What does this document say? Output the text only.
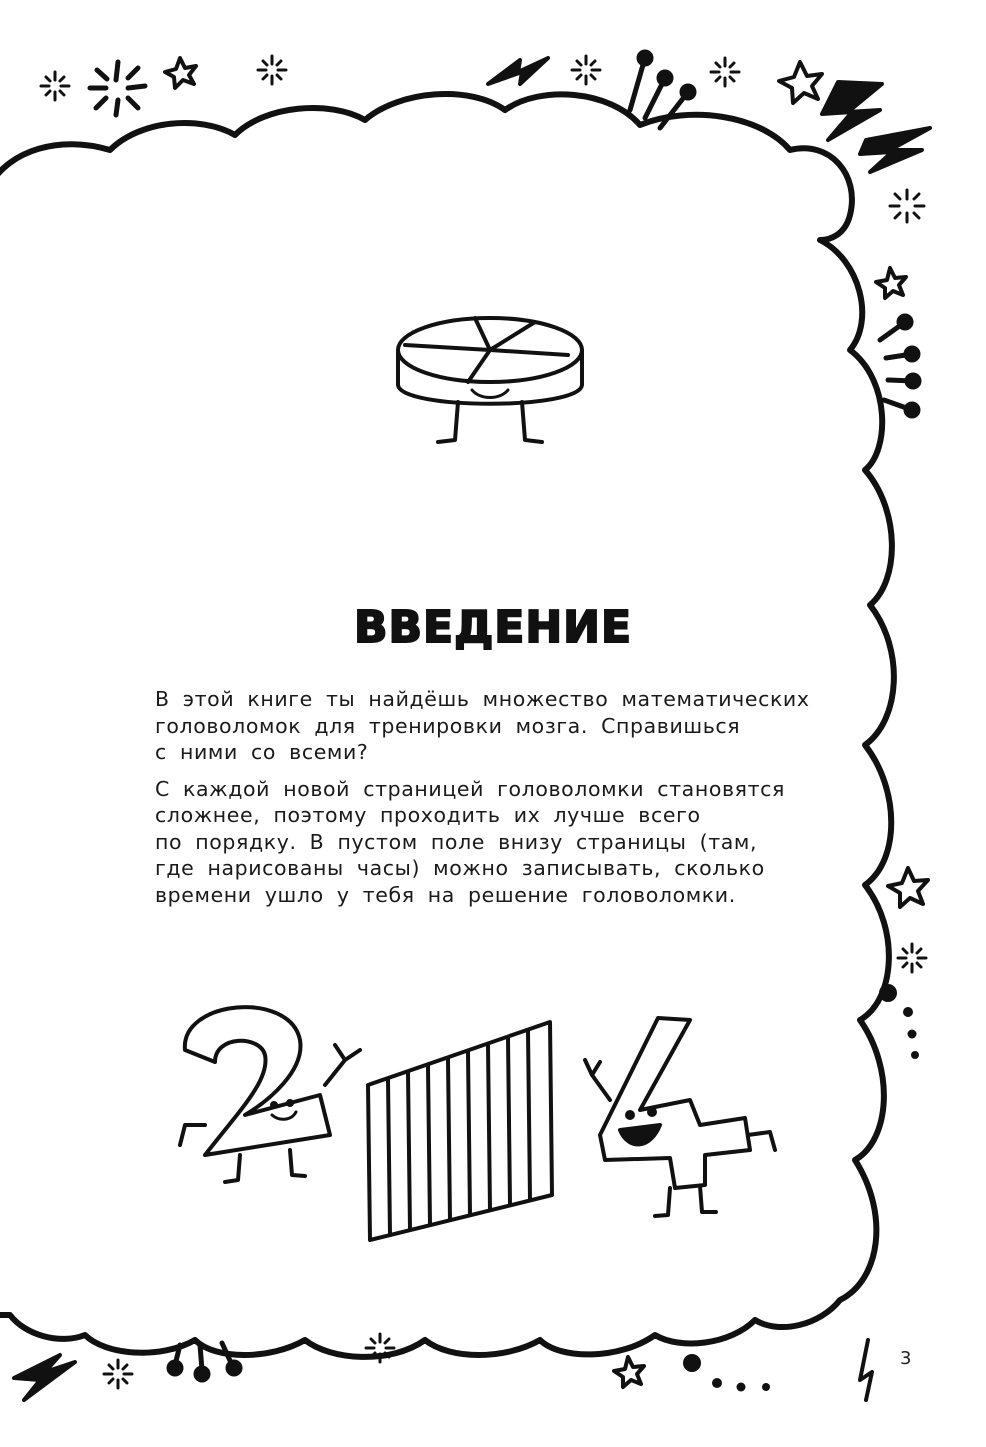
ВВЕДЕНИЕ

В этой книге ты найдёшь множество математических
головоломок для тренировки мозга. Справишься
с ними со всеми?

С каждой новой страницей головоломки становятся
сложнее, поэтому проходить их лучше всего
по порядку. В пустом поле внизу страницы (там,
где нарисованы часы) можно записывать, сколько
времени ушло у тебя на решение головоломки.

3
